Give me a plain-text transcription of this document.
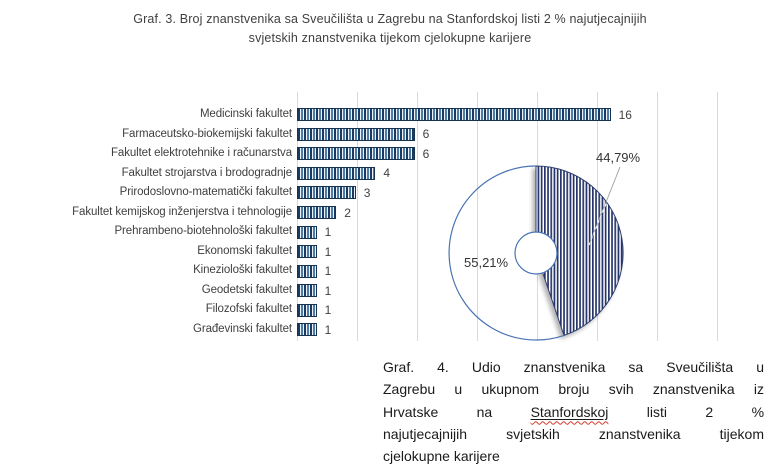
Graf. 3. Broj znanstvenika sa Sveučilišta u Zagrebu na Stanfordskoj listi 2 % najutjecajnijih
svjetskih znanstvenika tijekom cjelokupne karijere
Medicinski fakultet	16
Farmaceutsko-biokemijski fakultet	6
Fakultet elektrotehnike i računarstva	6
Fakultet strojarstva i brodogradnje	4
Prirodoslovno-matematički fakultet	3
Fakultet kemijskog inženjerstva i tehnologije	2
Prehrambeno-biotehnološki fakultet	1
Ekonomski fakultet	1
Kineziološki fakultet	1
Geodetski fakultet	1
Filozofski fakultet	1
Građevinski fakultet	1
44,79%
55,21%
Graf. 4. Udio znanstvenika sa Sveučilišta u
Zagrebu u ukupnom broju svih znanstvenika iz
Hrvatske na	Stanfordskoj	listi 2 %
najutjecajnijih svjetskih znanstvenika tijekom
cjelokupne karijere
